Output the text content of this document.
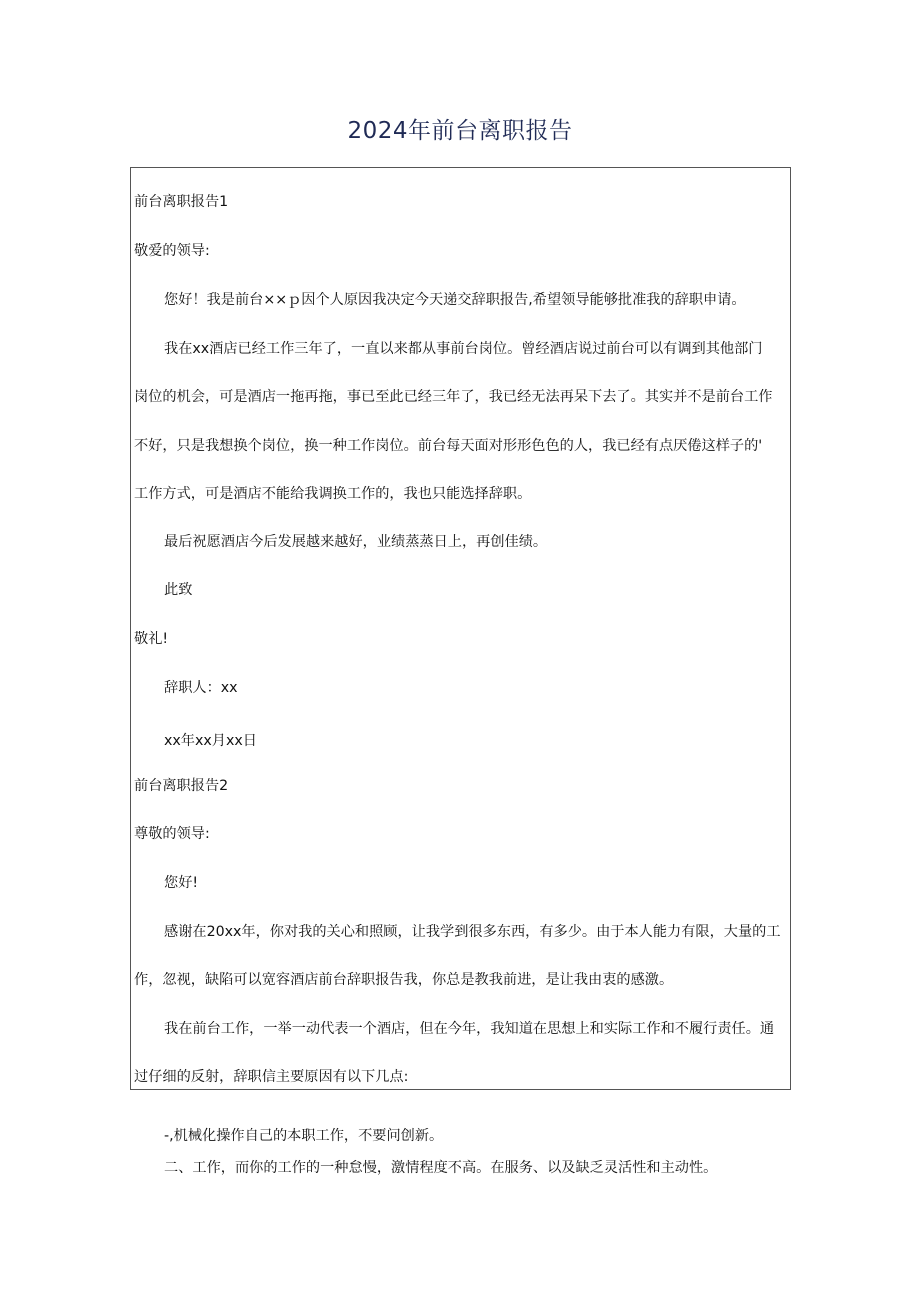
2024年前台离职报告
前台离职报告1
敬爱的领导:
您好！我是前台××ｐ因个人原因我决定今天递交辞职报告,希望领导能够批准我的辞职申请。
我在xx酒店已经工作三年了，一直以来都从事前台岗位。曾经酒店说过前台可以有调到其他部门
岗位的机会，可是酒店一拖再拖，事已至此已经三年了，我已经无法再呆下去了。其实并不是前台工作
不好，只是我想换个岗位，换一种工作岗位。前台每天面对形形色色的人，我已经有点厌倦这样子的'
工作方式，可是酒店不能给我调换工作的，我也只能选择辞职。
最后祝愿酒店今后发展越来越好，业绩蒸蒸日上，再创佳绩。
此致
敬礼!
辞职人：xx
xx年xx月xx日
前台离职报告2
尊敬的领导:
您好!
感谢在20xx年，你对我的关心和照顾，让我学到很多东西，有多少。由于本人能力有限，大量的工
作，忽视，缺陷可以宽容酒店前台辞职报告我，你总是教我前进，是让我由衷的感激。
我在前台工作，一举一动代表一个酒店，但在今年，我知道在思想上和实际工作和不履行责任。通
过仔细的反射，辞职信主要原因有以下几点:
-,机械化操作自己的本职工作，不要问创新。
二、工作，而你的工作的一种怠慢，激情程度不高。在服务、以及缺乏灵活性和主动性。
